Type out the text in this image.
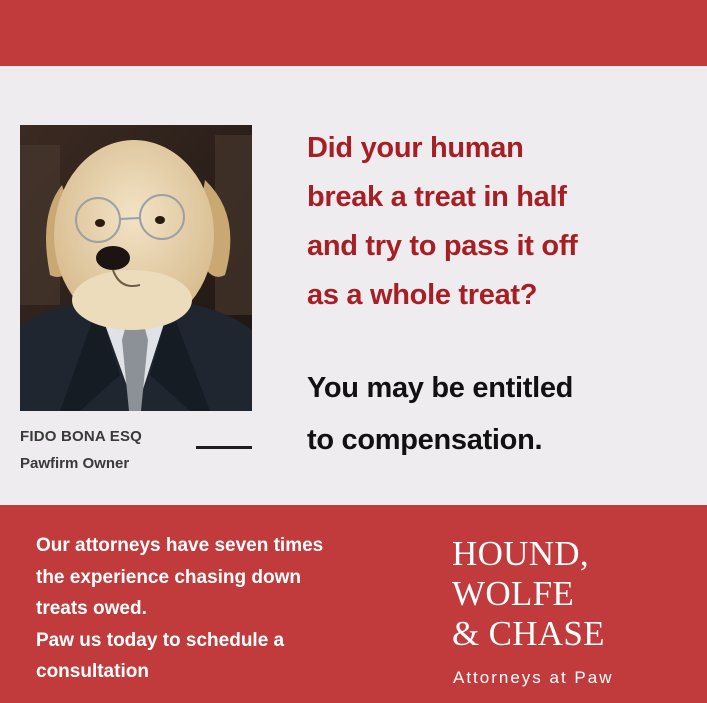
FIDO BONA ESQ
Pawfirm Owner
Did your human
break a treat in half
and try to pass it off
as a whole treat?
You may be entitled
to compensation.
Our attorneys have seven times
the experience chasing down
treats owed.
Paw us today to schedule a
consultation
HOUND,
WOLFE
& CHASE
Attorneys at Paw
